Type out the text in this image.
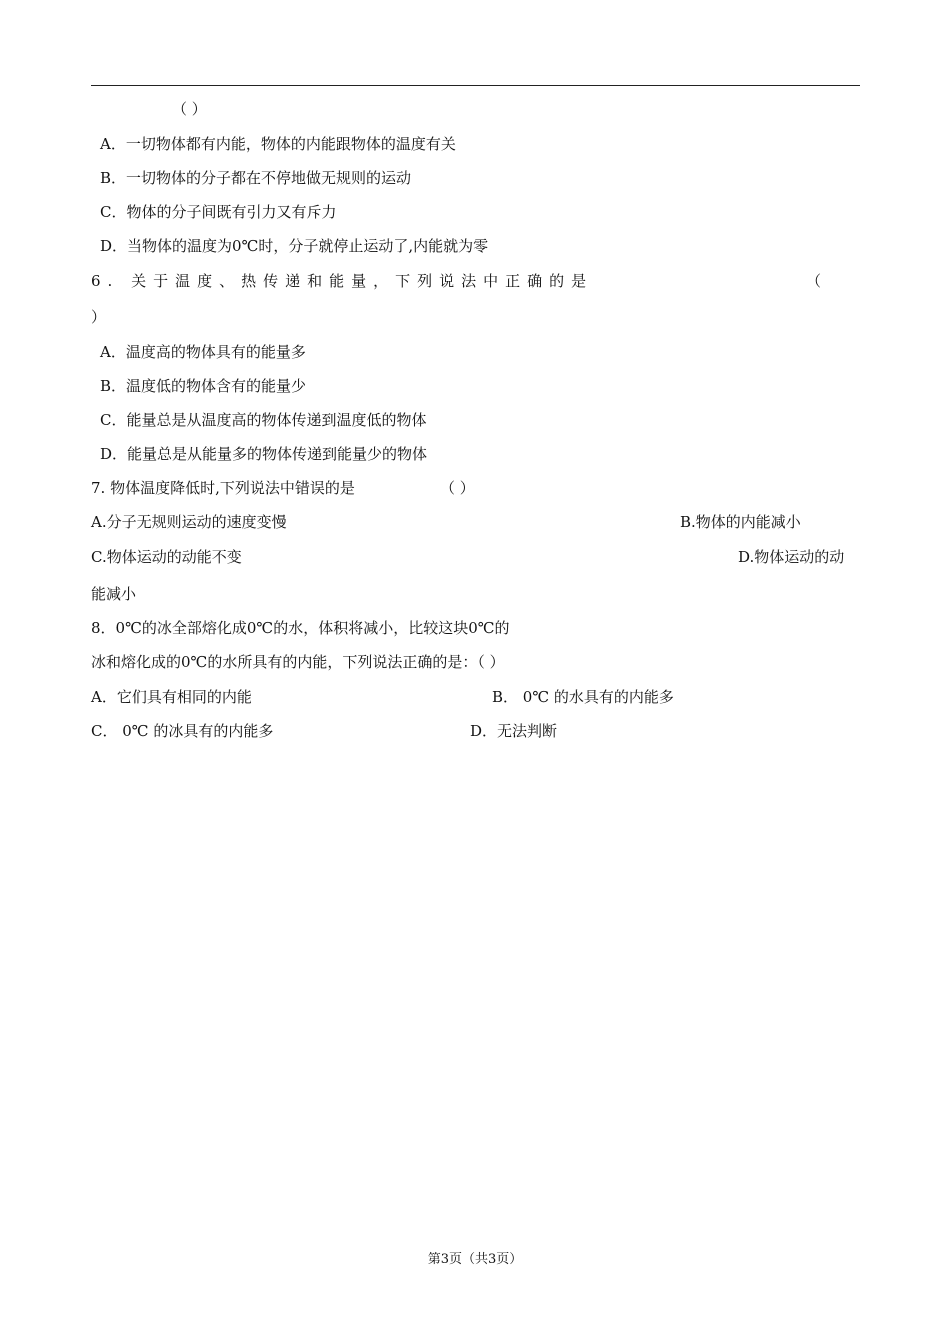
（ ）
A．一切物体都有内能，物体的内能跟物体的温度有关
B．一切物体的分子都在不停地做无规则的运动
C．物体的分子间既有引力又有斥力
D．当物体的温度为0℃时，分子就停止运动了,内能就为零
6. 关于温度、热传递和能量，下列说法中正确的是	（
）
A．温度高的物体具有的能量多
B．温度低的物体含有的能量少
C．能量总是从温度高的物体传递到温度低的物体
D．能量总是从能量多的物体传递到能量少的物体
7. 物体温度降低时,下列说法中错误的是	（ ）
A.分子无规则运动的速度变慢	B.物体的内能减小
C.物体运动的动能不变	D.物体运动的动
能减小
8．0℃的冰全部熔化成0℃的水，体积将减小，比较这块0℃的
冰和熔化成的0℃的水所具有的内能，下列说法正确的是：（ ）
A．它们具有相同的内能	B． 0℃ 的水具有的内能多
C． 0℃ 的冰具有的内能多	D．无法判断
第3页（共3页）
